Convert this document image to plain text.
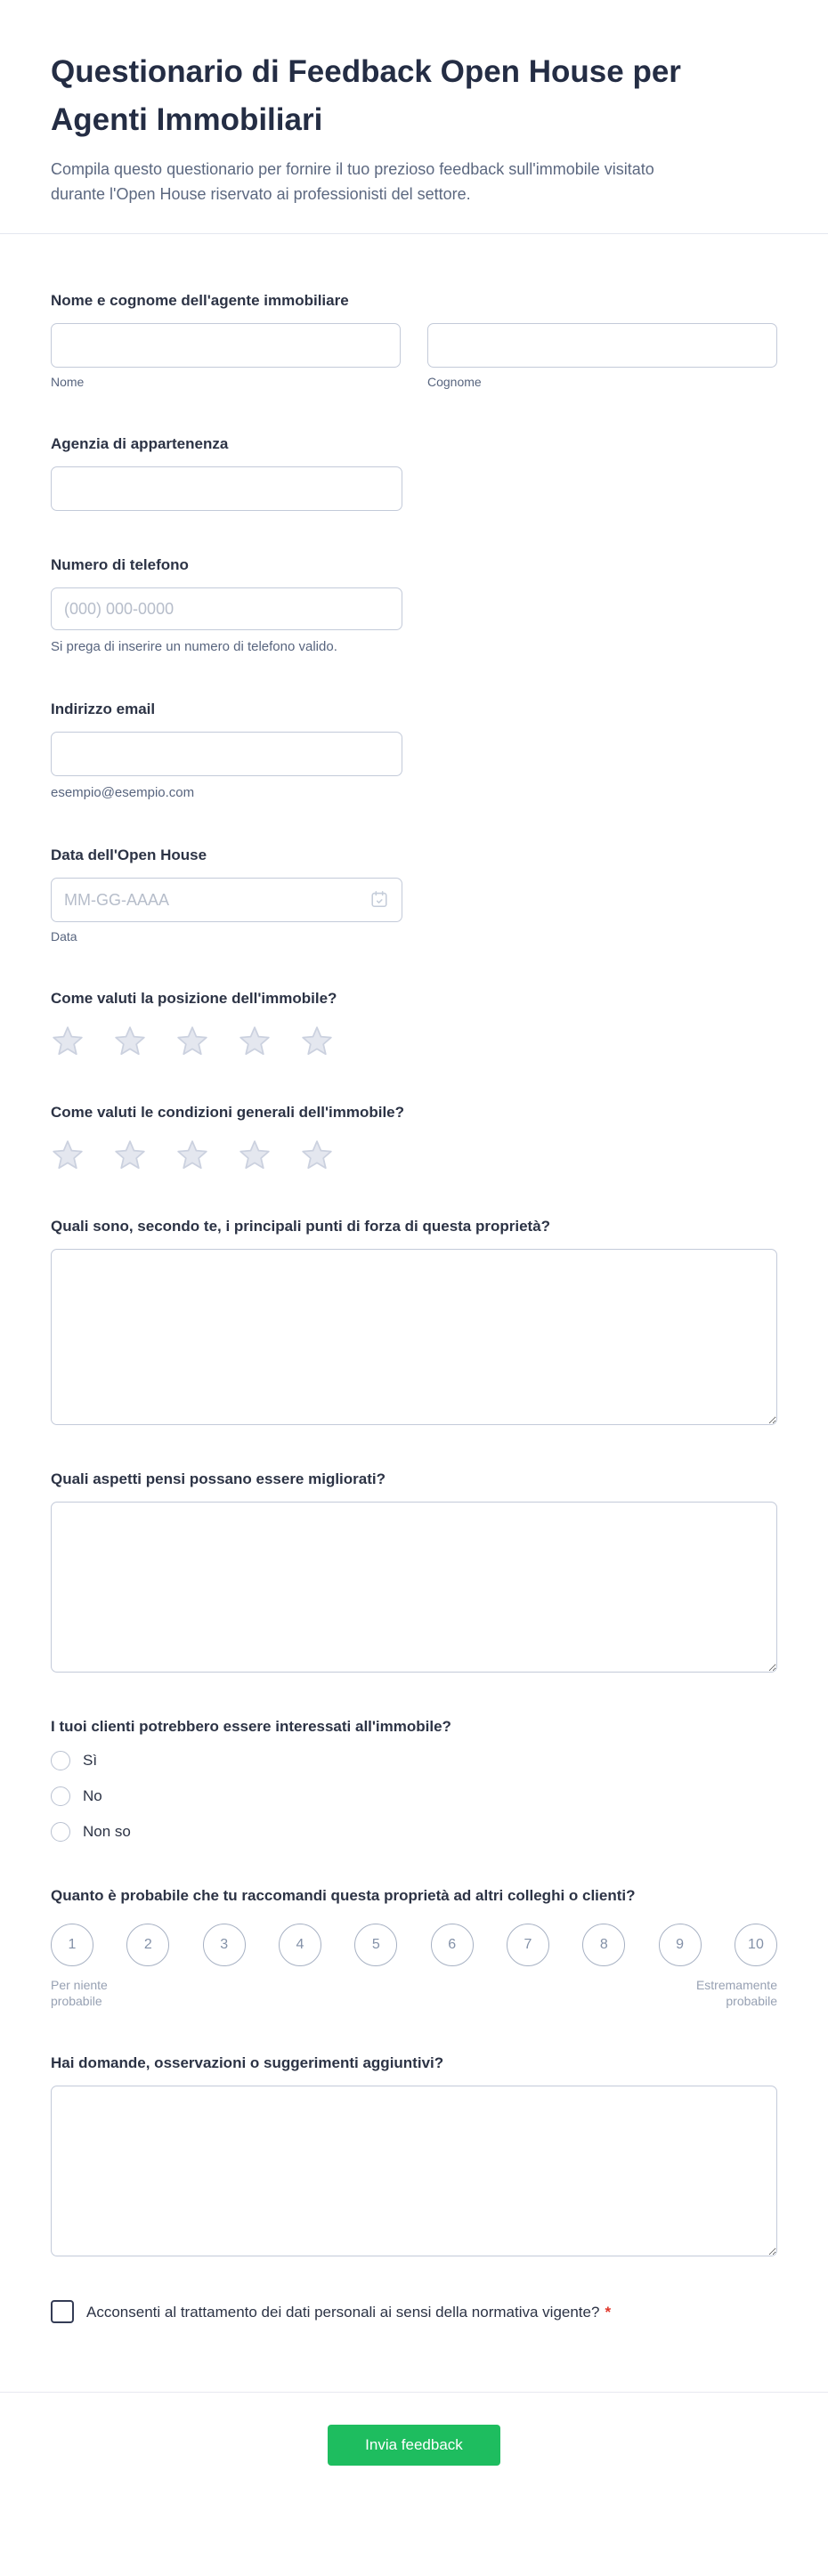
Questionario di Feedback Open House per Agenti Immobiliari

Compila questo questionario per fornire il tuo prezioso feedback sull'immobile visitato durante l'Open House riservato ai professionisti del settore.

Nome e cognome dell'agente immobiliare
Nome	Cognome
Agenzia di appartenenza
Numero di telefono
(000) 000-0000
Si prega di inserire un numero di telefono valido.
Indirizzo email
esempio@esempio.com
Data dell'Open House
MM-GG-AAAA
Data
Come valuti la posizione dell'immobile?
Come valuti le condizioni generali dell'immobile?
Quali sono, secondo te, i principali punti di forza di questa proprietà?
Quali aspetti pensi possano essere migliorati?
I tuoi clienti potrebbero essere interessati all'immobile?
Sì
No
Non so
Quanto è probabile che tu raccomandi questa proprietà ad altri colleghi o clienti?
1	2	3	4	5	6	7	8	9	10
Per niente probabile
Estremamente probabile
Hai domande, osservazioni o suggerimenti aggiuntivi?
Acconsenti al trattamento dei dati personali ai sensi della normativa vigente? *
Invia feedback
